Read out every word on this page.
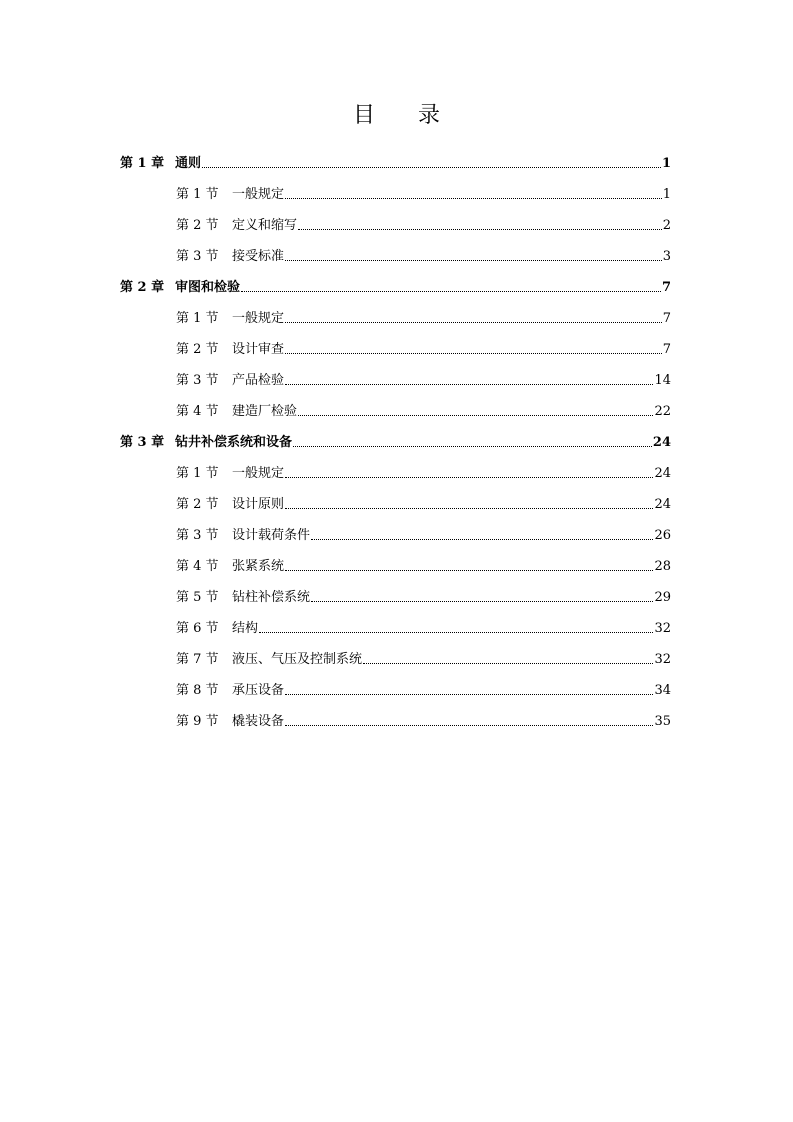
目 录
第 1 章 通则	1
第 1 节 一般规定	1
第 2 节 定义和缩写	2
第 3 节 接受标准	3
第 2 章 审图和检验	7
第 1 节 一般规定	7
第 2 节 设计审查	7
第 3 节 产品检验	14
第 4 节 建造厂检验	22
第 3 章 钻井补偿系统和设备	24
第 1 节 一般规定	24
第 2 节 设计原则	24
第 3 节 设计载荷条件	26
第 4 节 张紧系统	28
第 5 节 钻柱补偿系统	29
第 6 节 结构	32
第 7 节 液压、气压及控制系统	32
第 8 节 承压设备	34
第 9 节 橇装设备	35
